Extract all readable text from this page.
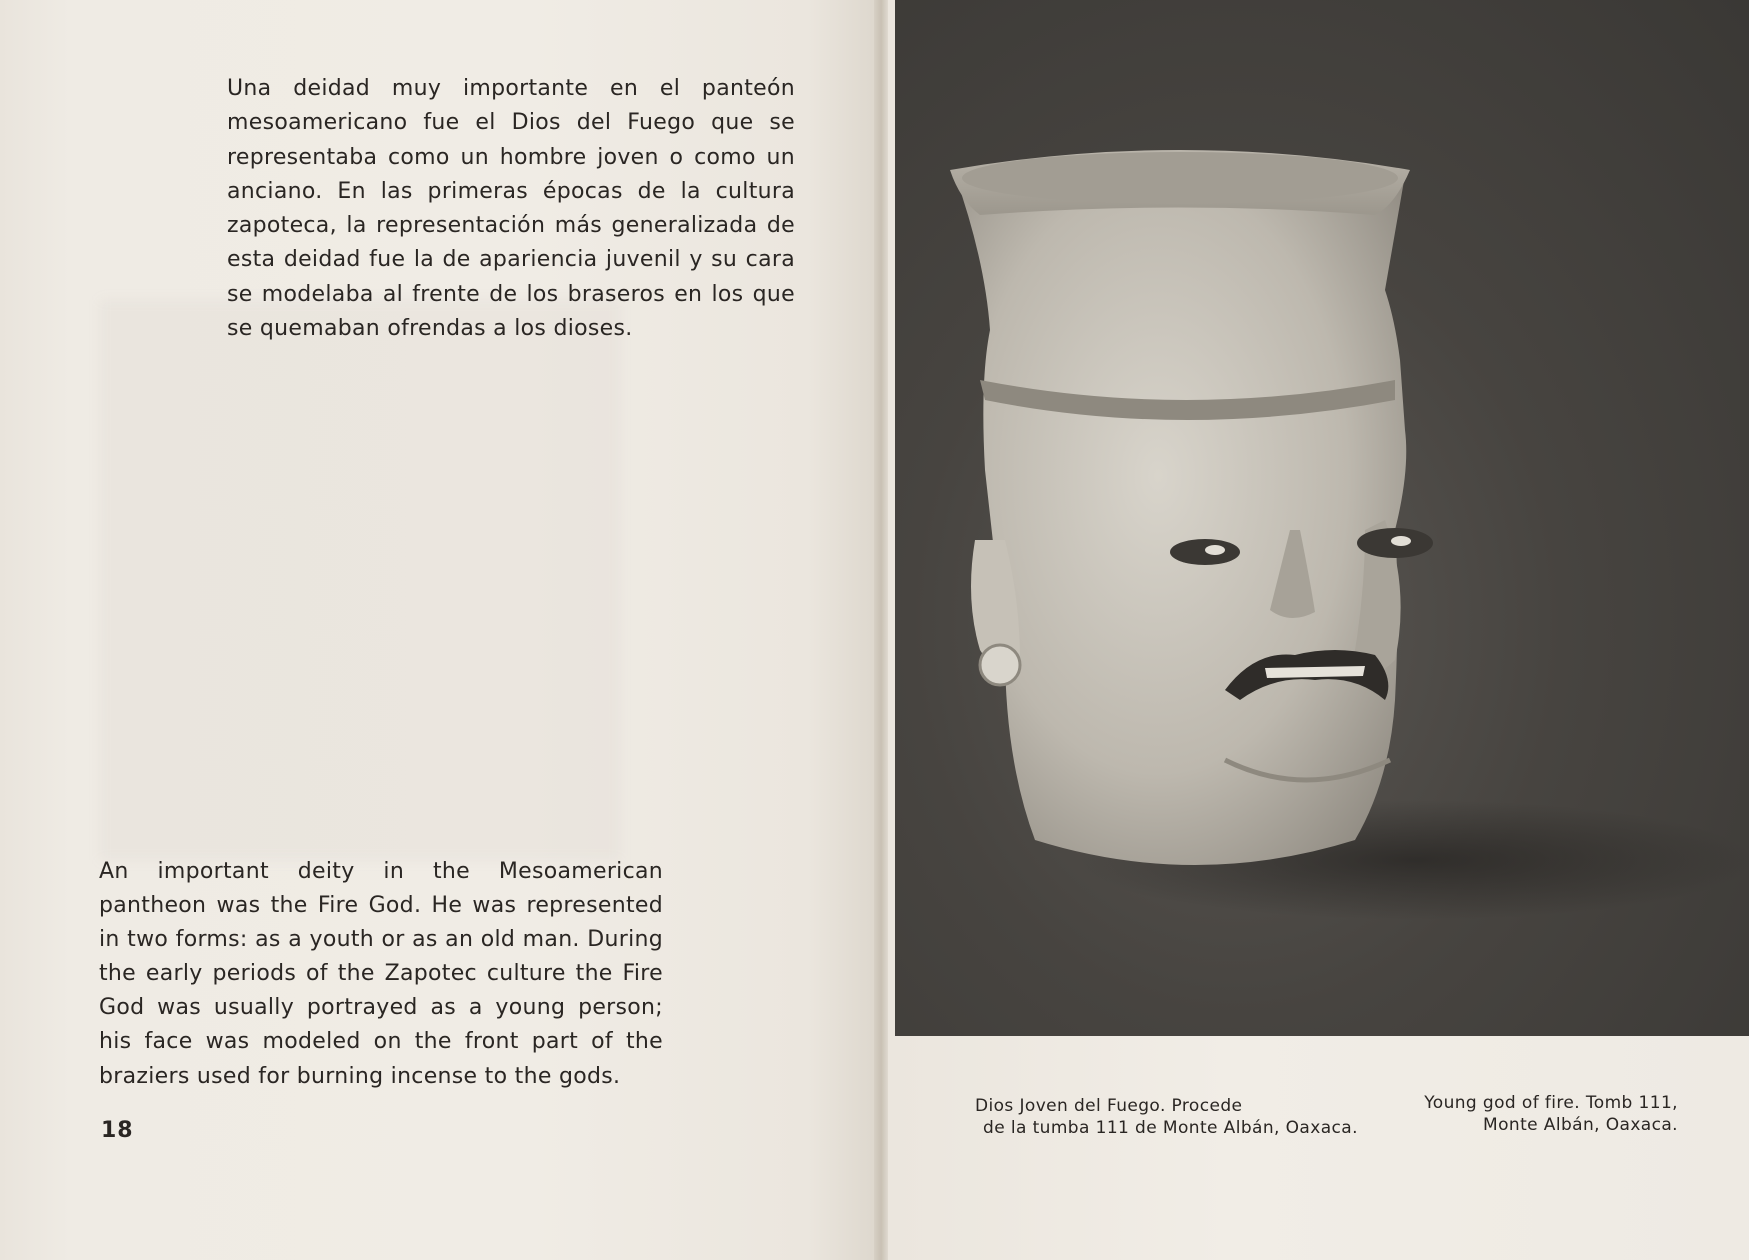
Una deidad muy importante en el panteón mesoamericano fue el Dios del Fuego que se representaba como un hombre joven o como un anciano. En las primeras épocas de la cultura zapoteca, la representación más generalizada de esta deidad fue la de apariencia juvenil y su cara se modelaba al frente de los braseros en los que se quemaban ofrendas a los dioses.

An important deity in the Mesoamerican pantheon was the Fire God. He was represented in two forms: as a youth or as an old man. During the early periods of the Zapotec culture the Fire God was usually portrayed as a young person; his face was modeled on the front part of the braziers used for burning incense to the gods.

18
Dios Joven del Fuego. Procede
de la tumba 111 de Monte Albán, Oaxaca.
Young god of fire. Tomb 111,
Monte Albán, Oaxaca.
